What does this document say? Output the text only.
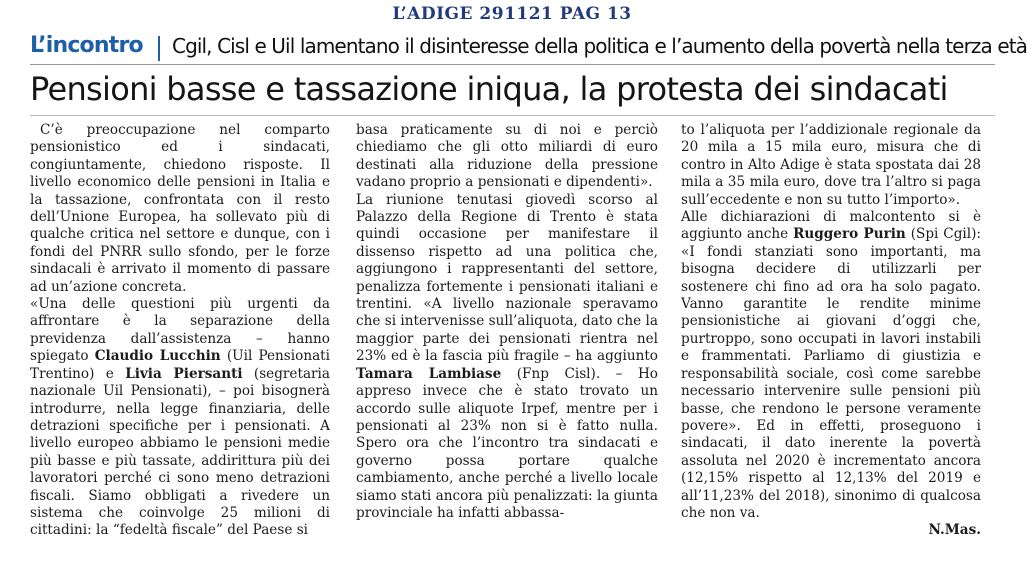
L’ADIGE 291121 PAG 13
L’incontro Cgil, Cisl e Uil lamentano il disinteresse della politica e l’aumento della povertà nella terza età
Pensioni basse e tassazione iniqua, la protesta dei sindacati

C’è preoccupazione nel comparto pensionistico ed i sindacati, congiuntamente, chiedono risposte. Il livello economico delle pensioni in Italia e la tassazione, confrontata con il resto dell’Unione Europea, ha sollevato più di qualche critica nel settore e dunque, con i fondi del PNRR sullo sfondo, per le forze sindacali è arrivato il momento di passare ad un’azione concreta.

«Una delle questioni più urgenti da affrontare è la separazione della previdenza dall’assistenza – hanno spiegato Claudio Lucchin (Uil Pensionati Trentino) e Livia Piersanti (segretaria nazionale Uil Pensionati), – poi bisognerà introdurre, nella legge finanziaria, delle detrazioni specifiche per i pensionati. A livello europeo abbiamo le pensioni medie più basse e più tassate, addirittura più dei lavoratori perché ci sono meno detrazioni fiscali. Siamo obbligati a rivedere un sistema che coinvolge 25 milioni di cittadini: la “fedeltà fiscale” del Paese si

basa praticamente su di noi e perciò chiediamo che gli otto miliardi di euro destinati alla riduzione della pressione vadano proprio a pensionati e dipendenti».

La riunione tenutasi giovedì scorso al Palazzo della Regione di Trento è stata quindi occasione per manifestare il dissenso rispetto ad una politica che, aggiungono i rappresentanti del settore, penalizza fortemente i pensionati italiani e trentini. «A livello nazionale speravamo che si intervenisse sull’aliquota, dato che la maggior parte dei pensionati rientra nel 23% ed è la fascia più fragile – ha aggiunto Tamara Lambiase (Fnp Cisl). – Ho appreso invece che è stato trovato un accordo sulle aliquote Irpef, mentre per i pensionati al 23% non si è fatto nulla. Spero ora che l’incontro tra sindacati e governo possa portare qualche cambiamento, anche perché a livello locale siamo stati ancora più penalizzati: la giunta provinciale ha infatti abbassa-

to l’aliquota per l’addizionale regionale da 20 mila a 15 mila euro, misura che di contro in Alto Adige è stata spostata dai 28 mila a 35 mila euro, dove tra l’altro si paga sull’eccedente e non su tutto l’importo».

Alle dichiarazioni di malcontento si è aggiunto anche Ruggero Purin (Spi Cgil): «I fondi stanziati sono importanti, ma bisogna decidere di utilizzarli per sostenere chi fino ad ora ha solo pagato. Vanno garantite le rendite minime pensionistiche ai giovani d’oggi che, purtroppo, sono occupati in lavori instabili e frammentati. Parliamo di giustizia e responsabilità sociale, così come sarebbe necessario intervenire sulle pensioni più basse, che rendono le persone veramente povere». Ed in effetti, proseguono i sindacati, il dato inerente la povertà assoluta nel 2020 è incrementato ancora (12,15% rispetto al 12,13% del 2019 e all’11,23% del 2018), sinonimo di qualcosa che non va.

N.Mas.
